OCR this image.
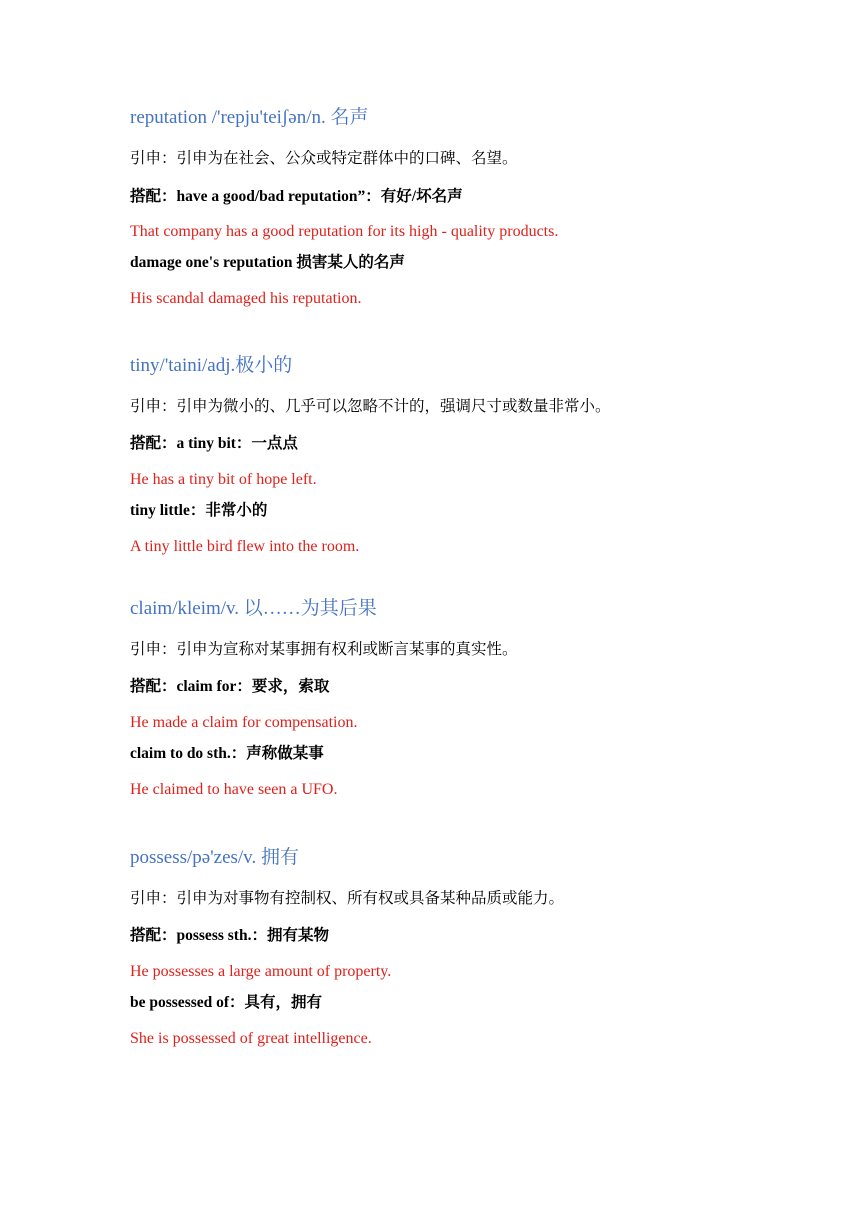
reputation /'repju'teiʃən/n. 名声
引申：引申为在社会、公众或特定群体中的口碑、名望。
搭配：have a good/bad reputation”：有好/坏名声
That company has a good reputation for its high - quality products.
damage one's reputation 损害某人的名声
His scandal damaged his reputation.
tiny/'taini/adj.极小的
引申：引申为微小的、几乎可以忽略不计的，强调尺寸或数量非常小。
搭配：a tiny bit：一点点
He has a tiny bit of hope left.
tiny little：非常小的
A tiny little bird flew into the room.
claim/kleim/v. 以……为其后果
引申：引申为宣称对某事拥有权利或断言某事的真实性。
搭配：claim for：要求，索取
He made a claim for compensation.
claim to do sth.：声称做某事
He claimed to have seen a UFO.
possess/pə'zes/v. 拥有
引申：引申为对事物有控制权、所有权或具备某种品质或能力。
搭配：possess sth.：拥有某物
He possesses a large amount of property.
be possessed of：具有，拥有
She is possessed of great intelligence.
